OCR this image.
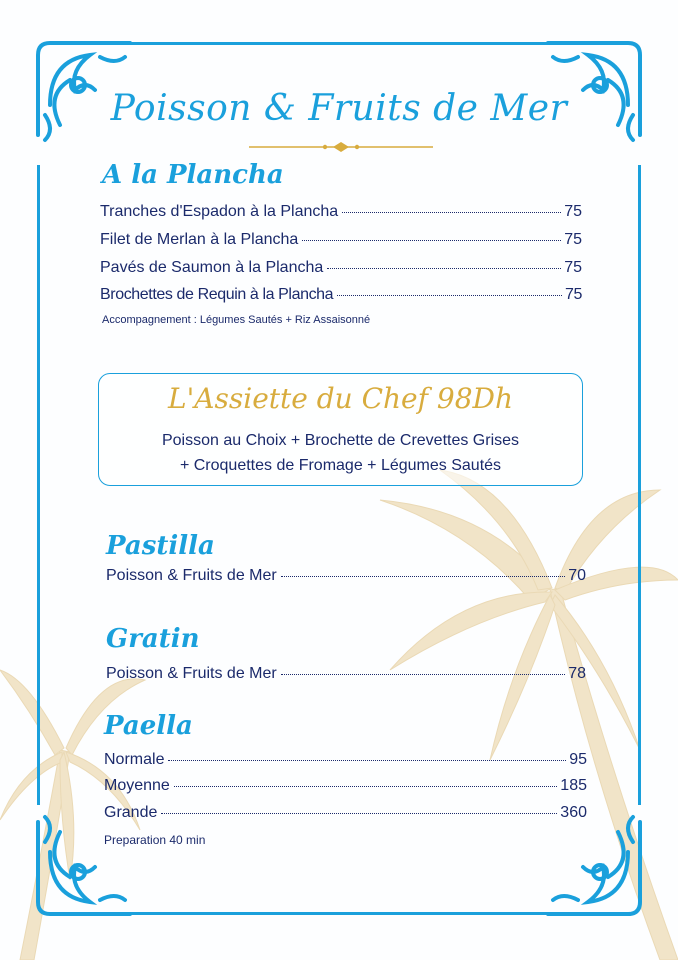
Poisson & Fruits de Mer
A la Plancha
Tranches d'Espadon à la Plancha	75
Filet de Merlan à la Plancha	75
Pavés de Saumon à la Plancha	75
Brochettes de Requin à la Plancha	75
Accompagnement : Légumes Sautés + Riz Assaisonné
L'Assiette du Chef 98Dh
Poisson au Choix + Brochette de Crevettes Grises
+ Croquettes de Fromage + Légumes Sautés
Pastilla
Poisson & Fruits de Mer	70
Gratin
Poisson & Fruits de Mer	78
Paella
Normale	95
Moyenne	185
Grande	360
Preparation 40 min
